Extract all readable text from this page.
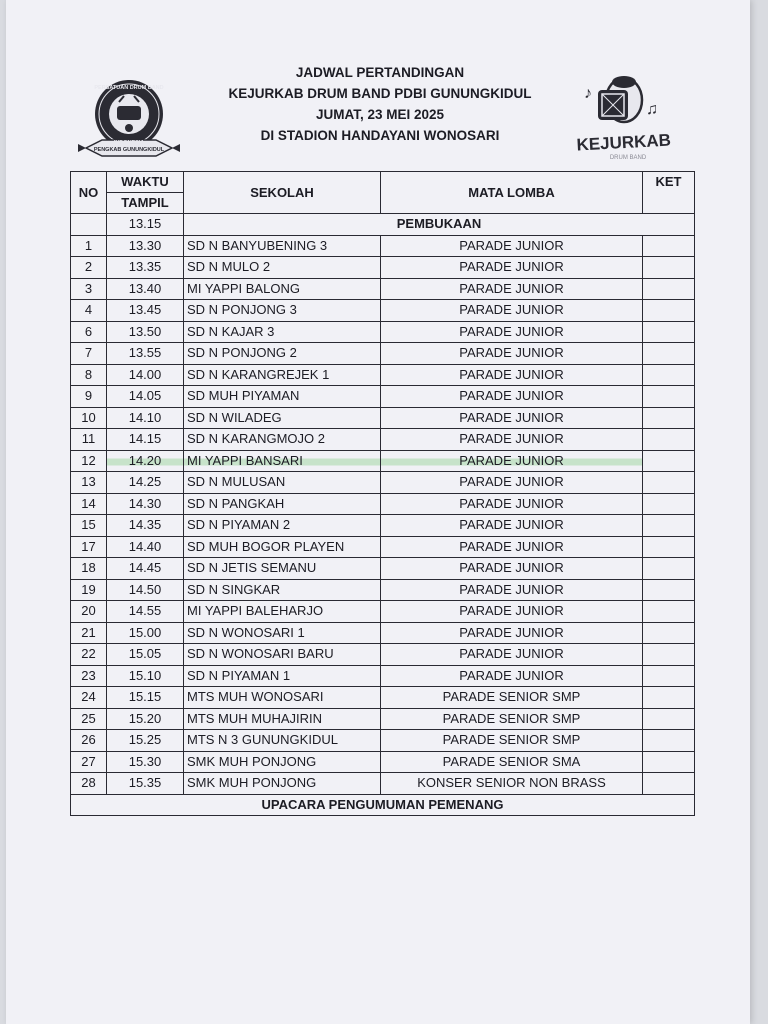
PENGKAB GUNUNGKIDUL
PERSATUAN DRUM BAND
INDONESIA
♪
♫
KEJURKAB
DRUM BAND
JADWAL PERTANDINGAN
KEJURKAB DRUM BAND PDBI GUNUNGKIDUL
JUMAT, 23 MEI 2025
DI STADION HANDAYANI WONOSARI
NO	WAKTU	SEKOLAH	MATA LOMBA	KET
	TAMPIL			
	13.15	PEMBUKAAN		
1	13.30	SD N BANYUBENING 3	PARADE JUNIOR	
2	13.35	SD N MULO 2	PARADE JUNIOR	
3	13.40	MI YAPPI BALONG	PARADE JUNIOR	
4	13.45	SD N PONJONG 3	PARADE JUNIOR	
6	13.50	SD N KAJAR 3	PARADE JUNIOR	
7	13.55	SD N PONJONG 2	PARADE JUNIOR	
8	14.00	SD N KARANGREJEK 1	PARADE JUNIOR	
9	14.05	SD MUH PIYAMAN	PARADE JUNIOR	
10	14.10	SD N WILADEG	PARADE JUNIOR	
11	14.15	SD N KARANGMOJO 2	PARADE JUNIOR	
12	14.20	MI YAPPI BANSARI	PARADE JUNIOR	
13	14.25	SD N MULUSAN	PARADE JUNIOR	
14	14.30	SD N PANGKAH	PARADE JUNIOR	
15	14.35	SD N PIYAMAN 2	PARADE JUNIOR	
17	14.40	SD MUH BOGOR PLAYEN	PARADE JUNIOR	
18	14.45	SD N JETIS SEMANU	PARADE JUNIOR	
19	14.50	SD N SINGKAR	PARADE JUNIOR	
20	14.55	MI YAPPI BALEHARJO	PARADE JUNIOR	
21	15.00	SD N WONOSARI 1	PARADE JUNIOR	
22	15.05	SD N WONOSARI BARU	PARADE JUNIOR	
23	15.10	SD N PIYAMAN 1	PARADE JUNIOR	
24	15.15	MTS MUH WONOSARI	PARADE SENIOR SMP	
25	15.20	MTS MUH MUHAJIRIN	PARADE SENIOR SMP	
26	15.25	MTS N 3 GUNUNGKIDUL	PARADE SENIOR SMP	
27	15.30	SMK MUH PONJONG	PARADE SENIOR SMA	
28	15.35	SMK MUH PONJONG	KONSER SENIOR NON BRASS	
UPACARA PENGUMUMAN PEMENANG				
